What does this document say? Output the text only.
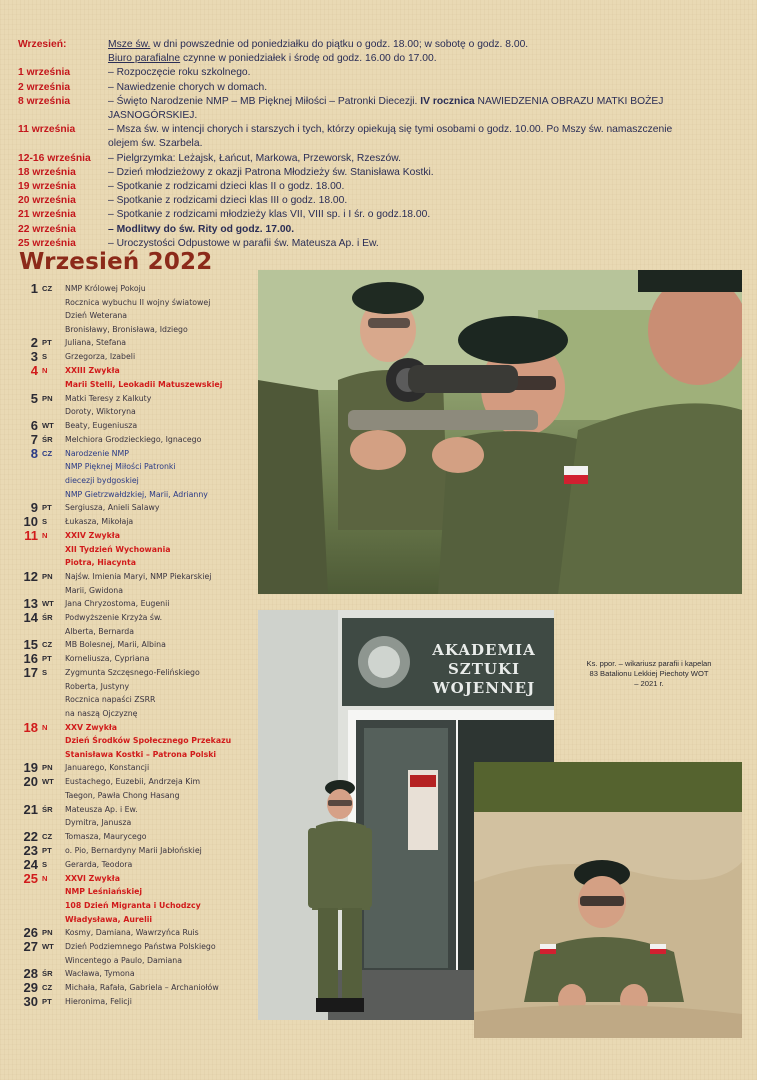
Wrzesień:	Msze św. w dni powszednie od poniedziałku do piątku o godz. 18.00; w sobotę o godz. 8.00.
Biuro parafialne czynne w poniedziałek i środę od godz. 16.00 do 17.00.
1 września	– Rozpoczęcie roku szkolnego.
2 września	– Nawiedzenie chorych w domach.
8 września	– Święto Narodzenie NMP – MB Pięknej Miłości – Patronki Diecezji. IV rocznica NAWIEDZENIA OBRAZU MATKI BOŻEJ
JASNOGÓRSKIEJ.
11 września	– Msza św. w intencji chorych i starszych i tych, którzy opiekują się tymi osobami o godz. 10.00. Po Mszy św. namaszczenie
olejem św. Szarbela.
12-16 września	– Pielgrzymka: Leżajsk, Łańcut, Markowa, Przeworsk, Rzeszów.
18 września	– Dzień młodzieżowy z okazji Patrona Młodzieży św. Stanisława Kostki.
19 września	– Spotkanie z rodzicami dzieci klas II o godz. 18.00.
20 września	– Spotkanie z rodzicami dzieci klas III o godz. 18.00.
21 września	– Spotkanie z rodzicami młodzieży klas VII, VIII sp. i I śr. o godz.18.00.
22 września	– Modlitwy do św. Rity od godz. 17.00.
25 września	– Uroczystości Odpustowe w parafii św. Mateusza Ap. i Ew.
Wrzesień 2022
1 CZ	NMP Królowej Pokoju
Rocznica wybuchu II wojny światowej
Dzień Weterana
Bronisławy, Bronisława, Idziego
2 PT	Juliana, Stefana
3 S	Grzegorza, Izabeli
4 N	XXIII Zwykła
Marii Stelli, Leokadii Matuszewskiej
5 PN	Matki Teresy z Kalkuty
Doroty, Wiktoryna
6 WT	Beaty, Eugeniusza
7 ŚR	Melchiora Grodzieckiego, Ignacego
8 CZ	Narodzenie NMP
NMP Pięknej Miłości Patronki
diecezji bydgoskiej
NMP Gietrzwałdzkiej, Marii, Adrianny
9 PT	Sergiusza, Anieli Salawy
10 S	Łukasza, Mikołaja
11 N	XXIV Zwykła
XII Tydzień Wychowania
Piotra, Hiacynta
12 PN	Najśw. Imienia Maryi, NMP Piekarskiej
Marii, Gwidona
13 WT	Jana Chryzostoma, Eugenii
14 ŚR	Podwyższenie Krzyża św.
Alberta, Bernarda
15 CZ	MB Bolesnej, Marii, Albina
16 PT	Korneliusza, Cypriana
17 S	Zygmunta Szczęsnego-Felińskiego
Roberta, Justyny
Rocznica napaści ZSRR
na naszą Ojczyznę
18 N	XXV Zwykła
Dzień Środków Społecznego Przekazu
Stanisława Kostki – Patrona Polski
19 PN	Januarego, Konstancji
20 WT	Eustachego, Euzebii, Andrzeja Kim
Taegon, Pawła Chong Hasang
21 ŚR	Mateusza Ap. i Ew.
Dymitra, Janusza
22 CZ	Tomasza, Maurycego
23 PT	o. Pio, Bernardyny Marii Jabłońskiej
24 S	Gerarda, Teodora
25 N	XXVI Zwykła
NMP Leśniańskiej
108 Dzień Migranta i Uchodzcy
Władysława, Aurelii
26 PN	Kosmy, Damiana, Wawrzyńca Ruis
27 WT	Dzień Podziemnego Państwa Polskiego
Wincentego a Paulo, Damiana
28 ŚR	Wacława, Tymona
29 CZ	Michała, Rafała, Gabriela – Archaniołów
30 PT	Hieronima, Felicji
AKADEMIA
SZTUKI
WOJENNEJ
Ks. ppor. – wikariusz parafii i kapelan
83 Batalionu Lekkiej Piechoty WOT
– 2021 r.
